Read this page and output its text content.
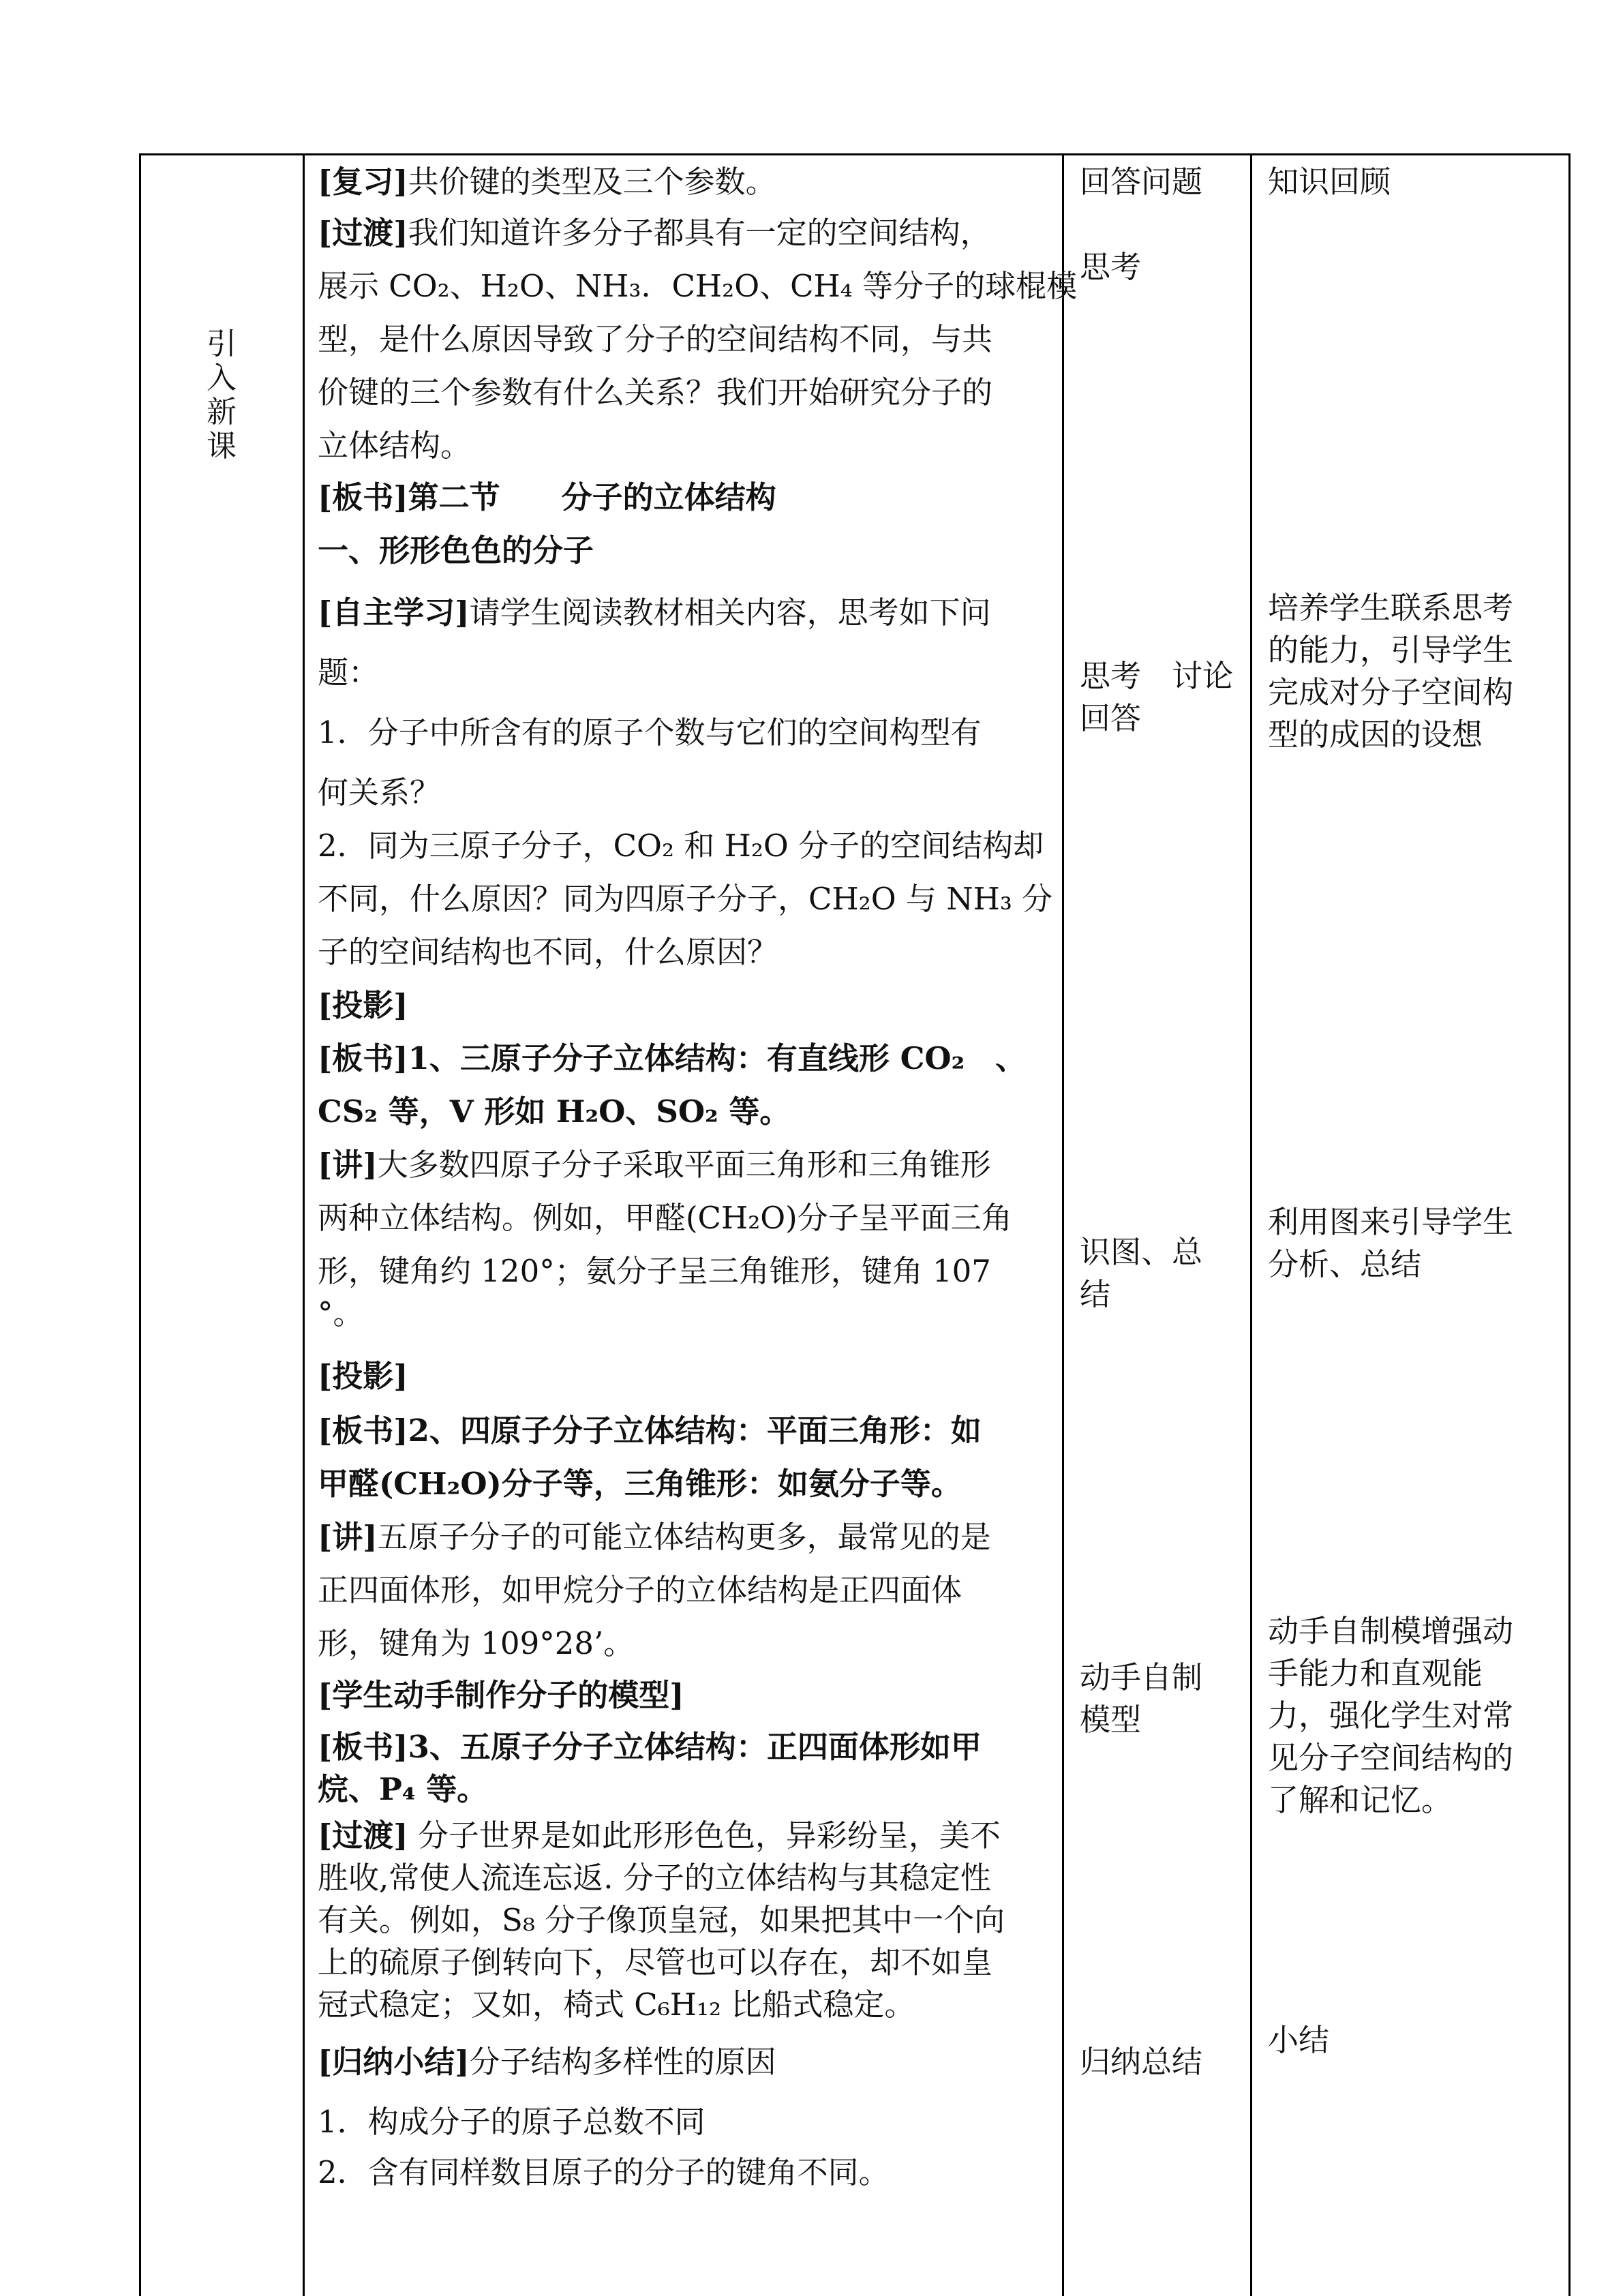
引入新课
[复习]共价键的类型及三个参数。
[过渡]我们知道许多分子都具有一定的空间结构，
展示 CO₂、H₂O、NH₃．CH₂O、CH₄ 等分子的球棍模
型，是什么原因导致了分子的空间结构不同，与共
价键的三个参数有什么关系？我们开始研究分子的
立体结构。
[板书]第二节　　分子的立体结构
一、形形色色的分子
[自主学习]请学生阅读教材相关内容，思考如下问
题：
1．分子中所含有的原子个数与它们的空间构型有
何关系？
2．同为三原子分子，CO₂ 和 H₂O 分子的空间结构却
不同，什么原因？同为四原子分子，CH₂O 与 NH₃ 分
子的空间结构也不同，什么原因？
[投影]
[板书]1、三原子分子立体结构：有直线形 CO₂　、
CS₂ 等，V 形如 H₂O、SO₂ 等。
[讲]大多数四原子分子采取平面三角形和三角锥形
两种立体结构。例如，甲醛(CH₂O)分子呈平面三角
形，键角约 120°；氨分子呈三角锥形，键角 107
°。
[投影]
[板书]2、四原子分子立体结构：平面三角形：如
甲醛(CH₂O)分子等，三角锥形：如氨分子等。
[讲]五原子分子的可能立体结构更多，最常见的是
正四面体形，如甲烷分子的立体结构是正四面体
形，键角为 109°28’。
[学生动手制作分子的模型]
[板书]3、五原子分子立体结构：正四面体形如甲
烷、P₄ 等。
[过渡] 分子世界是如此形形色色，异彩纷呈，美不
胜收,常使人流连忘返. 分子的立体结构与其稳定性
有关。例如，S₈ 分子像顶皇冠，如果把其中一个向
上的硫原子倒转向下，尽管也可以存在，却不如皇
冠式稳定；又如，椅式 C₆H₁₂ 比船式稳定。
[归纳小结]分子结构多样性的原因
1．构成分子的原子总数不同
2．含有同样数目原子的分子的键角不同。
回答问题
思考
思考　讨论
回答
识图、总
结
动手自制
模型
归纳总结
知识回顾
培养学生联系思考
的能力，引导学生
完成对分子空间构
型的成因的设想
利用图来引导学生
分析、总结
动手自制模增强动
手能力和直观能
力，强化学生对常
见分子空间结构的
了解和记忆。
小结
